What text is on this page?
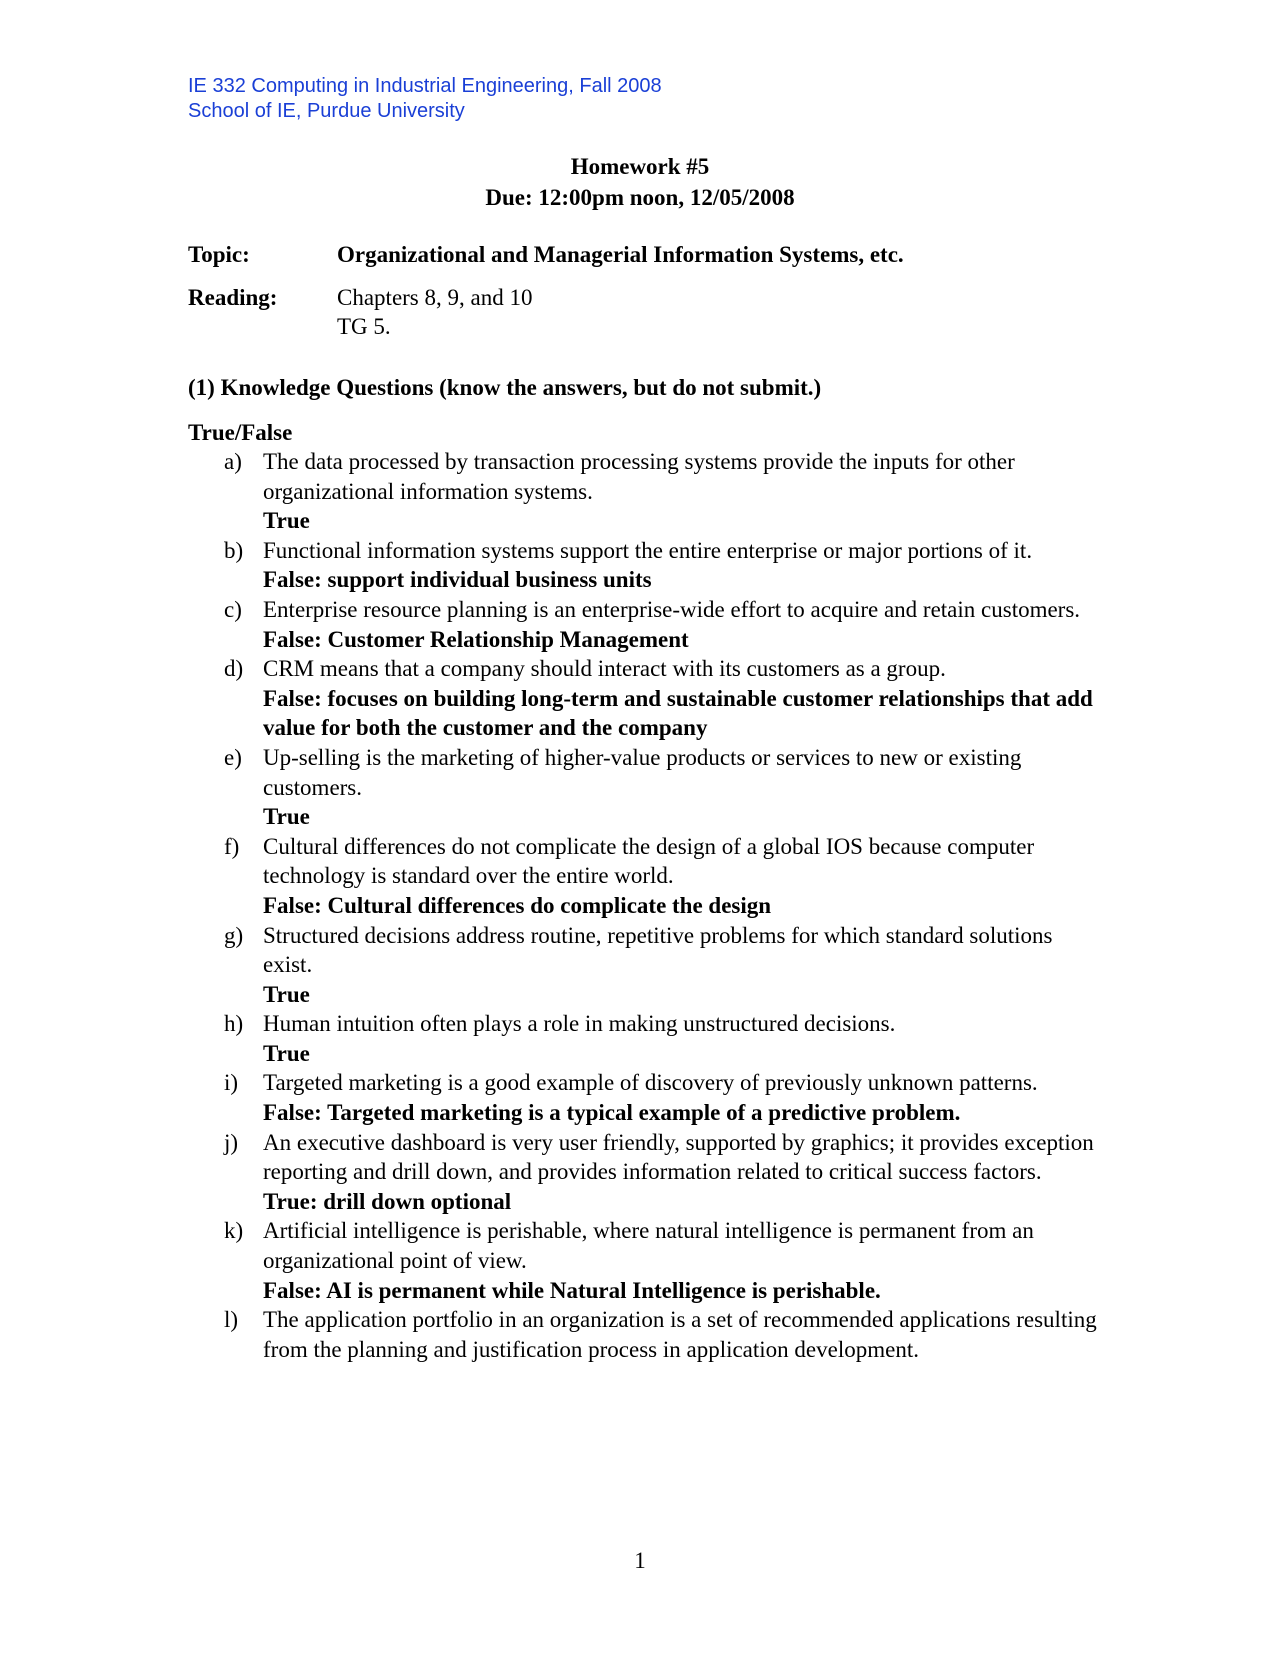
IE 332 Computing in Industrial Engineering, Fall 2008
School of IE, Purdue University
Homework #5
Due: 12:00pm noon, 12/05/2008
Topic:	Organizational and Managerial Information Systems, etc.
Reading:	Chapters 8, 9, and 10
TG 5.
(1) Knowledge Questions (know the answers, but do not submit.)
True/False
a) The data processed by transaction processing systems provide the inputs for other organizational information systems.
True
b) Functional information systems support the entire enterprise or major portions of it.
False: support individual business units
c) Enterprise resource planning is an enterprise-wide effort to acquire and retain customers.
False: Customer Relationship Management
d) CRM means that a company should interact with its customers as a group.
False: focuses on building long-term and sustainable customer relationships that add value for both the customer and the company
e) Up-selling is the marketing of higher-value products or services to new or existing customers.
True
f) Cultural differences do not complicate the design of a global IOS because computer technology is standard over the entire world.
False: Cultural differences do complicate the design
g) Structured decisions address routine, repetitive problems for which standard solutions exist.
True
h) Human intuition often plays a role in making unstructured decisions.
True
i) Targeted marketing is a good example of discovery of previously unknown patterns.
False: Targeted marketing is a typical example of a predictive problem.
j) An executive dashboard is very user friendly, supported by graphics; it provides exception reporting and drill down, and provides information related to critical success factors.
True: drill down optional
k) Artificial intelligence is perishable, where natural intelligence is permanent from an organizational point of view.
False: AI is permanent while Natural Intelligence is perishable.
l) The application portfolio in an organization is a set of recommended applications resulting from the planning and justification process in application development.
1
